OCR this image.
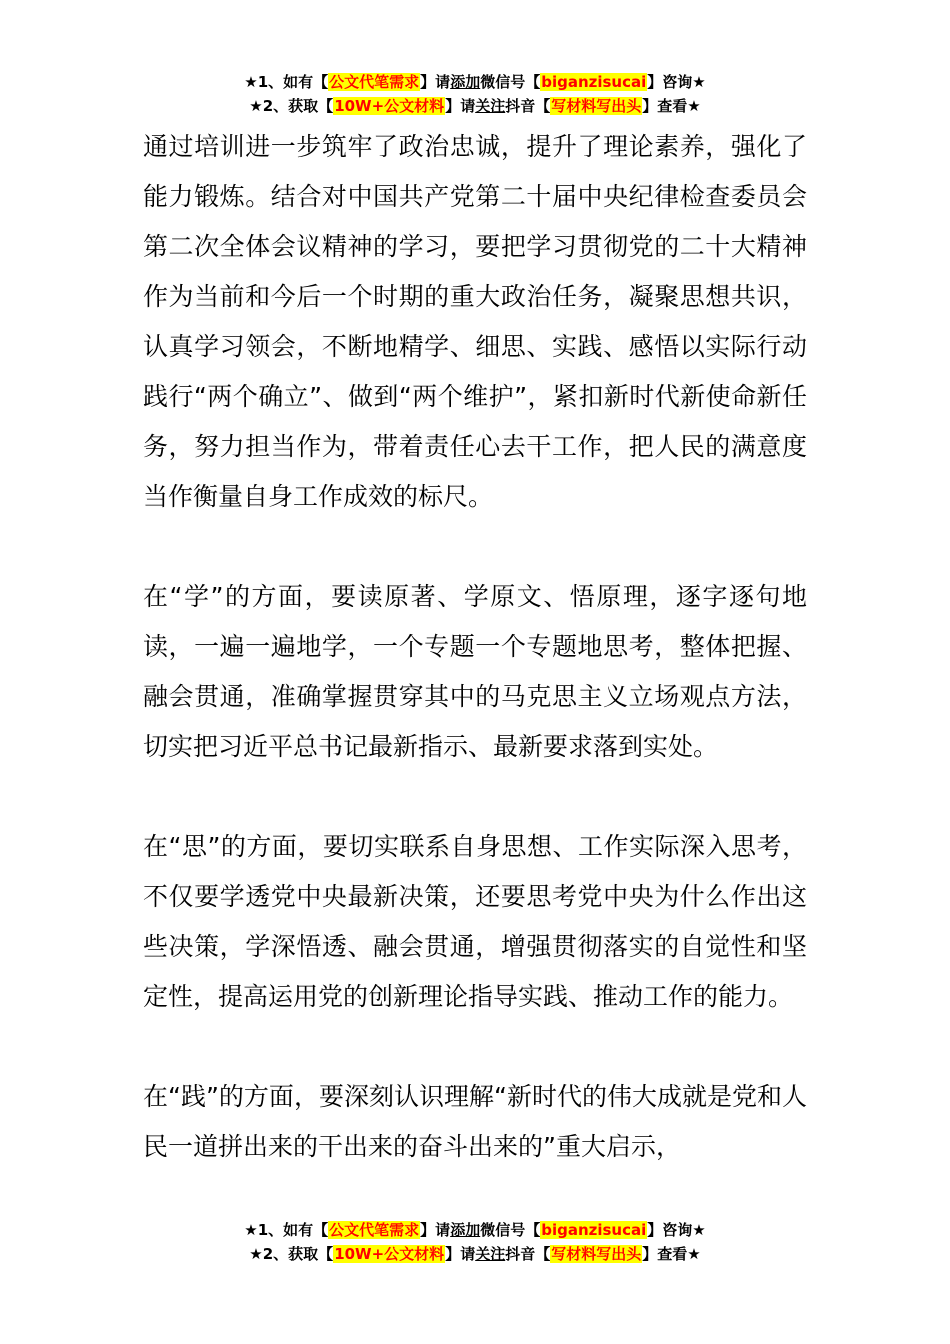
★1、如有【公文代笔需求】请添加微信号【biganzisucai】咨询★
★2、获取【10W+公文材料】请关注抖音【写材料写出头】查看★

通过培训进一步筑牢了政治忠诚，提升了理论素养，强化了能力锻炼。结合对中国共产党第二十届中央纪律检查委员会第二次全体会议精神的学习，要把学习贯彻党的二十大精神作为当前和今后一个时期的重大政治任务，凝聚思想共识，认真学习领会，不断地精学、细思、实践、感悟以实际行动践行“两个确立”、做到“两个维护”，紧扣新时代新使命新任务，努力担当作为，带着责任心去干工作，把人民的满意度当作衡量自身工作成效的标尺。

在“学”的方面，要读原著、学原文、悟原理，逐字逐句地读，一遍一遍地学，一个专题一个专题地思考，整体把握、融会贯通，准确掌握贯穿其中的马克思主义立场观点方法，切实把习近平总书记最新指示、最新要求落到实处。

在“思”的方面，要切实联系自身思想、工作实际深入思考，不仅要学透党中央最新决策，还要思考党中央为什么作出这些决策，学深悟透、融会贯通，增强贯彻落实的自觉性和坚定性，提高运用党的创新理论指导实践、推动工作的能力。

在“践”的方面，要深刻认识理解“新时代的伟大成就是党和人民一道拼出来的干出来的奋斗出来的”重大启示，

★1、如有【公文代笔需求】请添加微信号【biganzisucai】咨询★
★2、获取【10W+公文材料】请关注抖音【写材料写出头】查看★
